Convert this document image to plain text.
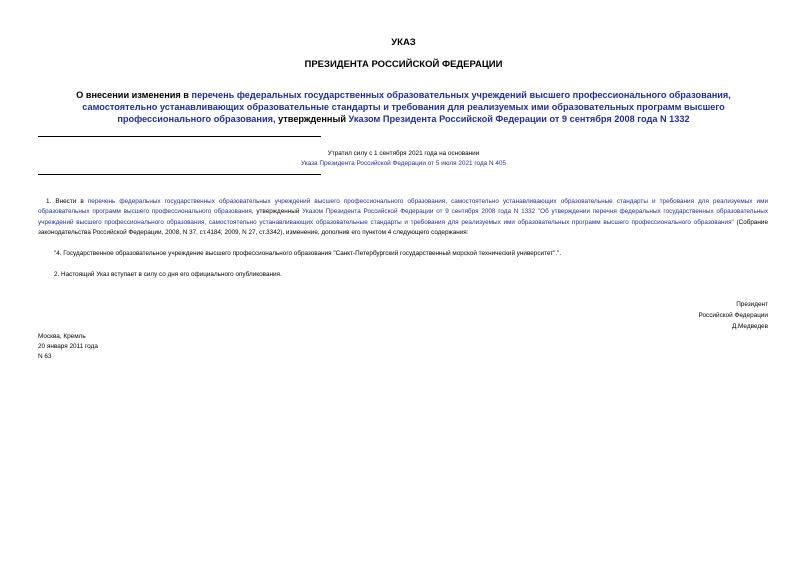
УКАЗ
ПРЕЗИДЕНТА РОССИЙСКОЙ ФЕДЕРАЦИИ
О внесении изменения в перечень федеральных государственных образовательных учреждений высшего профессионального образования, самостоятельно устанавливающих образовательные стандарты и требования для реализуемых ими образовательных программ высшего профессионального образования, утвержденный Указом Президента Российской Федерации от 9 сентября 2008 года N 1332
Утратил силу с 1 сентября 2021 года на основании
Указа Президента Российской Федерации от 5 июля 2021 года N 405
1. Внести в перечень федеральных государственных образовательных учреждений высшего профессионального образования, самостоятельно устанавливающих образовательные стандарты и требования для реализуемых ими образовательных программ высшего профессионального образования, утвержденный Указом Президента Российской Федерации от 9 сентября 2008 года N 1332 "Об утверждении перечня федеральных государственных образовательных учреждений высшего профессионального образования, самостоятельно устанавливающих образовательные стандарты и требования для реализуемых ими образовательных программ высшего профессионального образования" (Собрание законодательства Российской Федерации, 2008, N 37, ст.4184; 2009, N 27, ст.3342), изменение, дополнив его пунктом 4 следующего содержания:
"4. Государственное образовательное учреждение высшего профессионального образования "Санкт-Петербургский государственный морской технический университет".".
2. Настоящий Указ вступает в силу со дня его официального опубликования.
Президент
Российской Федерации
Д.Медведев
Москва, Кремль
20 января 2011 года
N 63
